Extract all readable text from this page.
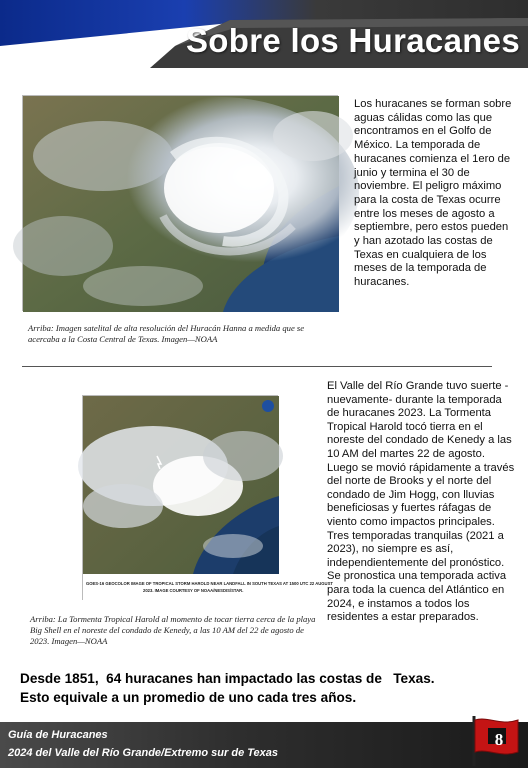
Sobre los Huracanes
Los huracanes se forman sobre aguas cálidas como las que encontramos en el Golfo de México. La temporada de huracanes comienza el 1ero de junio y termina el 30 de noviembre. El peligro máximo para la costa de Texas ocurre entre los meses de agosto a septiembre, pero estos pueden y han azotado las costas de Texas en cualquiera de los meses de la temporada de huracanes.
Arriba: Imagen satelital de alta resolución del Huracán Hanna a medida que se acercaba a la Costa Central de Texas. Imagen—NOAA
GOES-16 GEOCOLOR IMAGE OF TROPICAL STORM HAROLD NEAR LANDFALL IN SOUTH TEXAS AT 1500 UTC 22 AUGUST
2023. IMAGE COURTESY OF NOAA/NESDIS/STAR.
El Valle del Río Grande tuvo suerte -nuevamente- durante la temporada de huracanes 2023. La Tormenta Tropical Harold tocó tierra en el noreste del condado de Kenedy a las 10 AM del martes 22 de agosto. Luego se movió rápidamente a través del norte de Brooks y el norte del condado de Jim Hogg, con lluvias beneficiosas y fuertes ráfagas de viento como impactos principales. Tres temporadas tranquilas (2021 a 2023), no siempre es así, independientemente del pronóstico. Se pronostica una temporada activa para toda la cuenca del Atlántico en 2024, e instamos a todos los residentes a estar preparados.
Arriba: La Tormenta Tropical Harold al momento de tocar tierra cerca de la playa Big Shell en el noreste del condado de Kenedy, a las 10 AM del 22 de agosto de 2023. Imagen—NOAA
Desde 1851,  64 huracanes han impactado las costas de   Texas.
Esto equivale a un promedio de uno cada tres años.
Guía de Huracanes
2024 del Valle del Río Grande/Extremo sur de Texas
8
